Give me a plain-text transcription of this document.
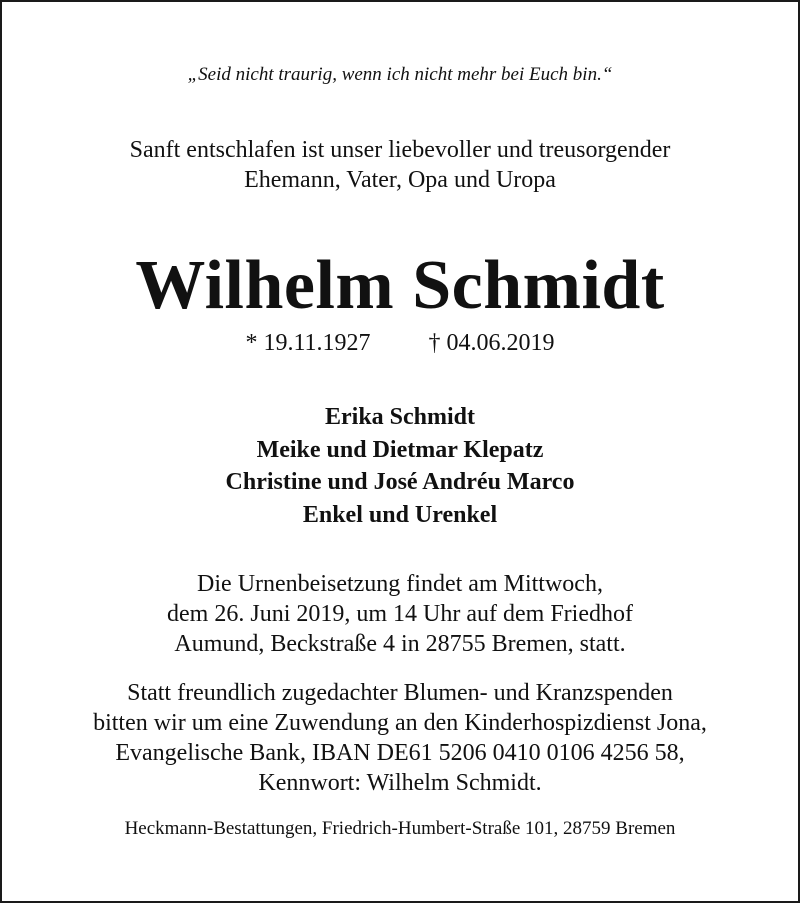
„Seid nicht traurig, wenn ich nicht mehr bei Euch bin.“

Sanft entschlafen ist unser liebevoller und treusorgender
Ehemann, Vater, Opa und Uropa
Wilhelm Schmidt
* 19.11.1927 † 04.06.2019
Erika Schmidt
Meike und Dietmar Klepatz
Christine und José Andréu Marco
Enkel und Urenkel
Die Urnenbeisetzung findet am Mittwoch,
dem 26. Juni 2019, um 14 Uhr auf dem Friedhof
Aumund, Beckstraße 4 in 28755 Bremen, statt.
Statt freundlich zugedachter Blumen- und Kranzspenden
bitten wir um eine Zuwendung an den Kinderhospizdienst Jona,
Evangelische Bank, IBAN DE61 5206 0410 0106 4256 58,
Kennwort: Wilhelm Schmidt.

Heckmann-Bestattungen, Friedrich-Humbert-Straße 101, 28759 Bremen
